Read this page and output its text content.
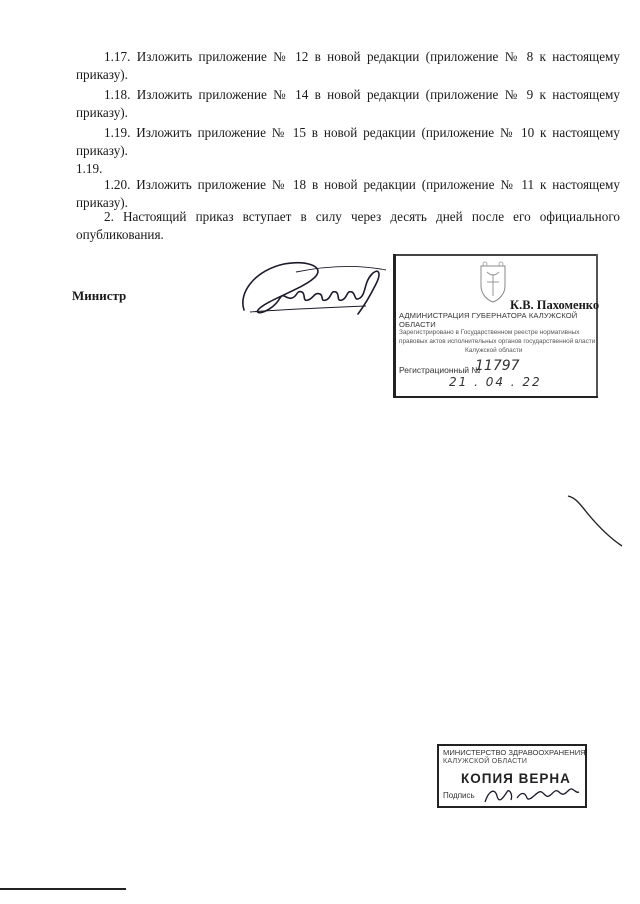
1.17. Изложить приложение № 12 в новой редакции (приложение № 8 к настоящему
приказу).
1.18. Изложить приложение № 14 в новой редакции (приложение № 9 к настоящему
приказу).
1.19. Изложить приложение № 15 в новой редакции (приложение № 10 к настоящему
приказу).
1.19.
1.20. Изложить приложение № 18 в новой редакции (приложение № 11 к настоящему
приказу).
2. Настоящий приказ вступает в силу через десять дней после его официального
опубликования.
Министр
АДМИНИСТРАЦИЯ ГУБЕРНАТОРА КАЛУЖСКОЙ ОБЛАСТИ
Зарегистрировано в Государственном реестре нормативных
правовых актов исполнительных органов государственной власти
Калужской области
Регистрационный №
11797
21 . 04 . 22
К.В. Пахоменко
МИНИСТЕРСТВО ЗДРАВООХРАНЕНИЯ
КАЛУЖСКОЙ ОБЛАСТИ
КОПИЯ ВЕРНА
Подпись
